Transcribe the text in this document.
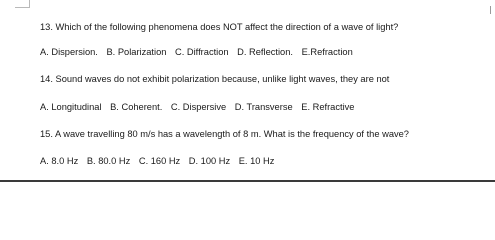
13. Which of the following phenomena does NOT affect the direction of a wave of light?
A. Dispersion. B. Polarization C. Diffraction D. Reflection. E.Refraction
14. Sound waves do not exhibit polarization because, unlike light waves, they are not
A. Longitudinal B. Coherent. C. Dispersive D. Transverse E. Refractive
15. A wave travelling 80 m/s has a wavelength of 8 m. What is the frequency of the wave?
A. 8.0 Hz B. 80.0 Hz C. 160 Hz D. 100 Hz E. 10 Hz
